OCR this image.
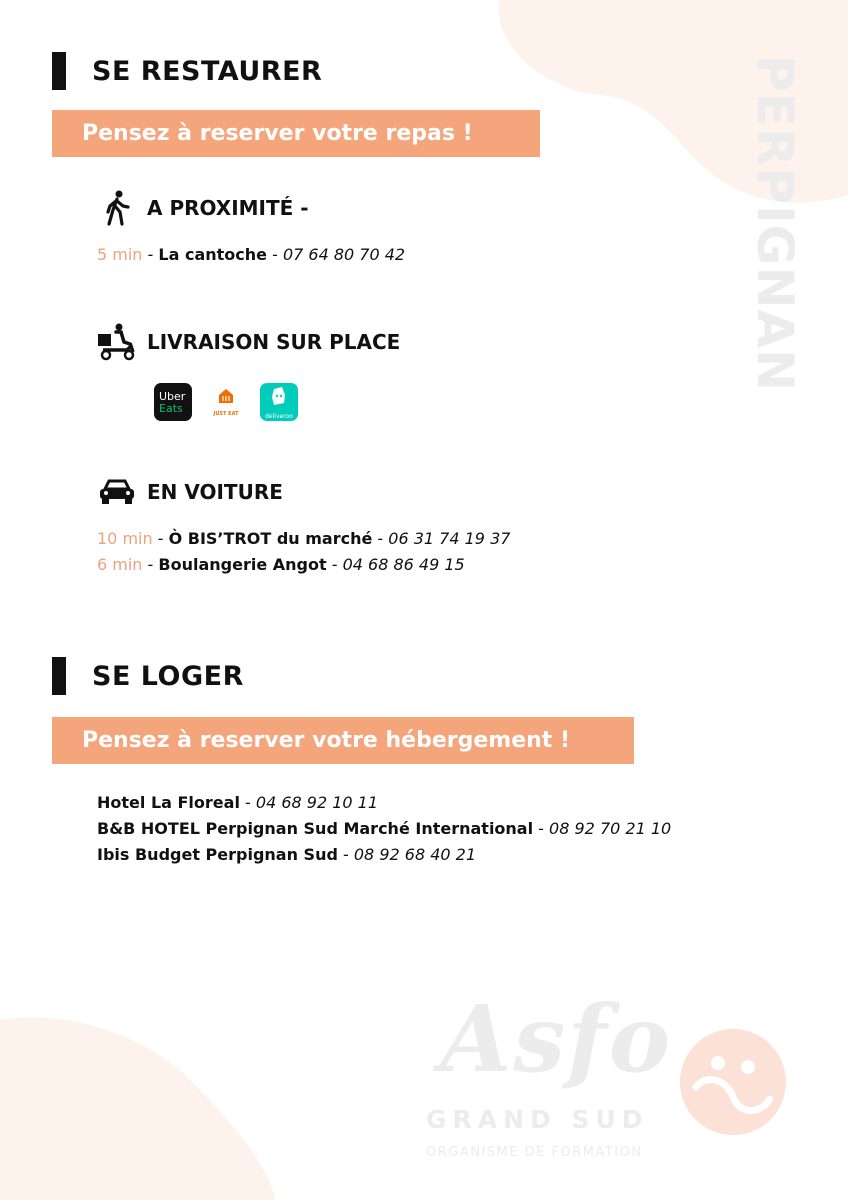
PERPIGNAN
SE RESTAURER
Pensez à reserver votre repas !
A PROXIMITÉ -
5 min - La cantoche - 07 64 80 70 42
LIVRAISON SUR PLACE
Uber
Eats	JUST EAT	deliveroo
EN VOITURE
10 min - Ò BIS’TROT du marché - 06 31 74 19 37
6 min - Boulangerie Angot - 04 68 86 49 15
SE LOGER
Pensez à reserver votre hébergement !
Hotel La Floreal - 04 68 92 10 11
B&B HOTEL Perpignan Sud Marché International - 08 92 70 21 10
Ibis Budget Perpignan Sud - 08 92 68 40 21
Asfo
GRAND SUD
ORGANISME DE FORMATION
